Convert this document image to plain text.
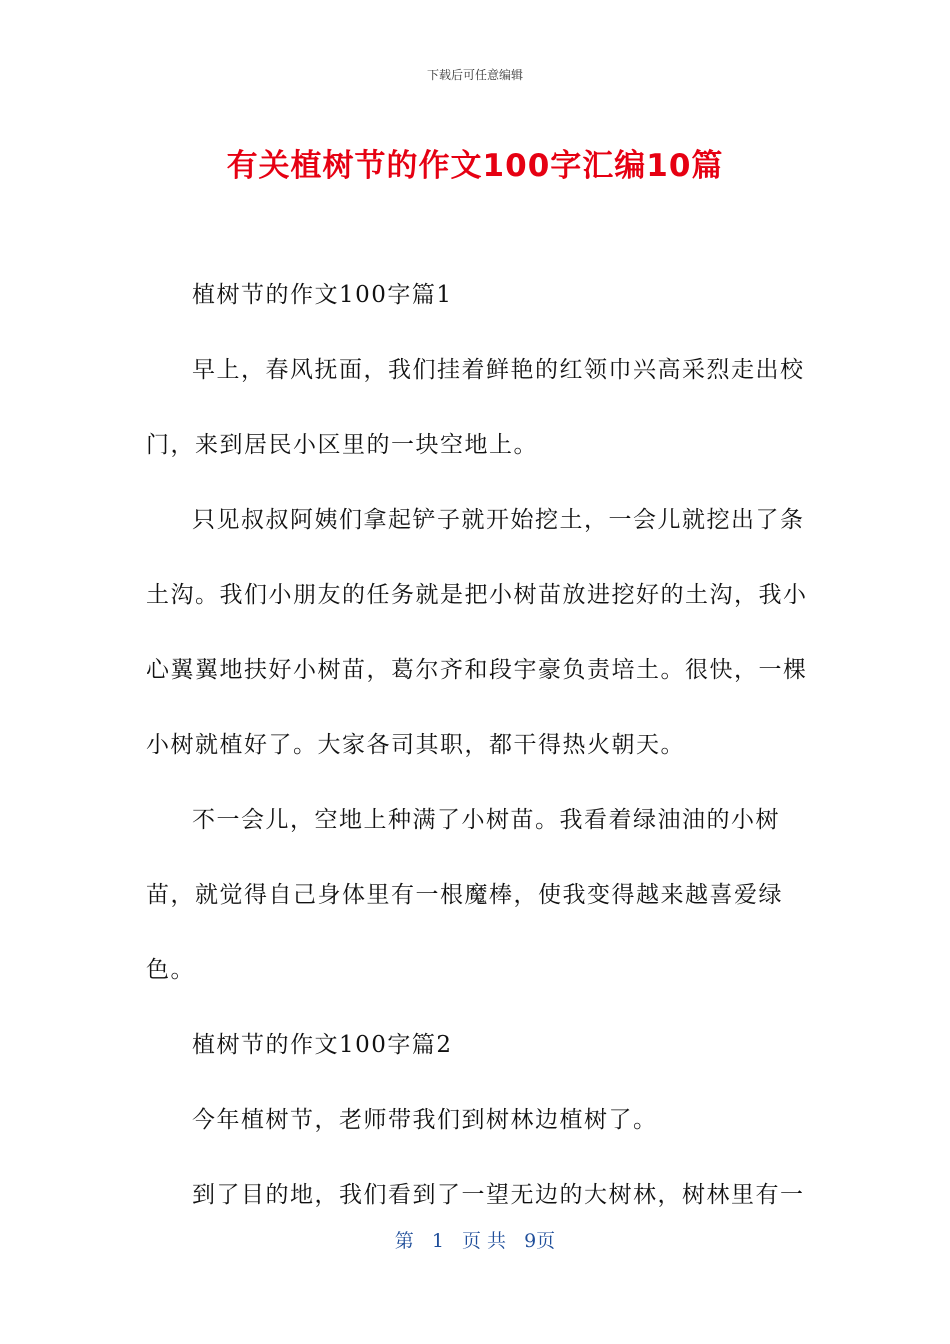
下载后可任意编辑
有关植树节的作文100字汇编10篇

植树节的作文100字篇1

早上，春风抚面，我们挂着鲜艳的红领巾兴高采烈走出校门，来到居民小区里的一块空地上。

只见叔叔阿姨们拿起铲子就开始挖土，一会儿就挖出了条土沟。我们小朋友的任务就是把小树苗放进挖好的土沟，我小心翼翼地扶好小树苗，葛尔齐和段宇豪负责培土。很快，一棵小树就植好了。大家各司其职，都干得热火朝天。

不一会儿，空地上种满了小树苗。我看着绿油油的小树苗，就觉得自己身体里有一根魔棒，使我变得越来越喜爱绿色。

植树节的作文100字篇2

今年植树节，老师带我们到树林边植树了。

到了目的地，我们看到了一望无边的大树林，树林里有一

第 1 页 共 9页
